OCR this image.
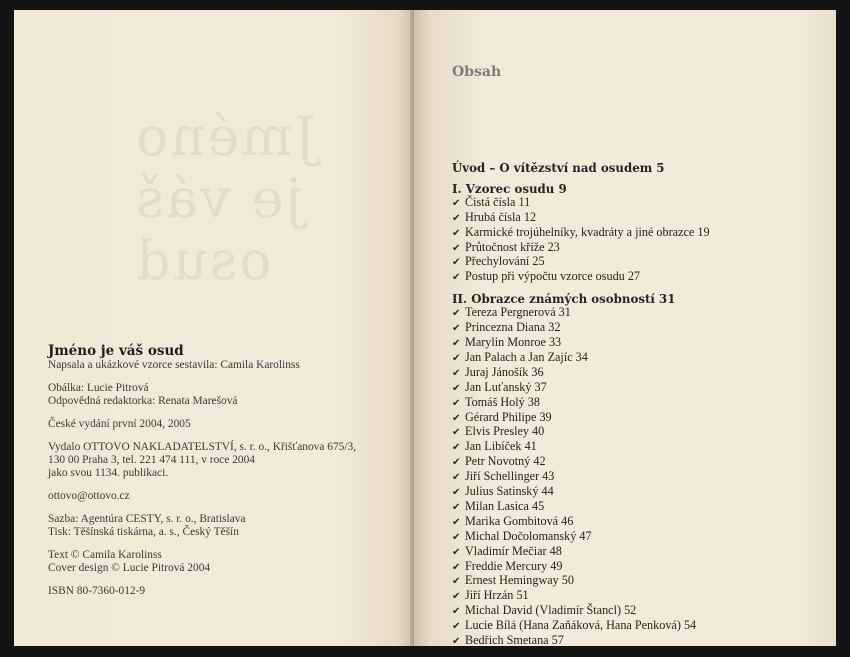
Jméno je váš osud
Jméno je váš osud
Napsala a ukázkové vzorce sestavila: Camila Karolinss
Obálka: Lucie Pitrová
Odpovědná redaktorka: Renata Marešová
České vydání první 2004, 2005
Vydalo OTTOVO NAKLADATELSTVÍ, s. r. o., Křišťanova 675/3,
130 00 Praha 3, tel. 221 474 111, v roce 2004
jako svou 1134. publikaci.
ottovo@ottovo.cz
Sazba: Agentúra CESTY, s. r. o., Bratislava
Tisk: Těšínská tiskárna, a. s., Český Těšín
Text © Camila Karolinss
Cover design © Lucie Pitrová 2004
ISBN 80-7360-012-9
Obsah
Úvod – O vítězství nad osudem 5
I. Vzorec osudu 9
✔ Čistá čísla 11
✔ Hrubá čísla 12
✔ Karmické trojúhelníky, kvadráty a jiné obrazce 19
✔ Průtočnost kříže 23
✔ Přechylování 25
✔ Postup při výpočtu vzorce osudu 27
II. Obrazce známých osobností 31
✔ Tereza Pergnerová 31
✔ Princezna Diana 32
✔ Marylin Monroe 33
✔ Jan Palach a Jan Zajíc 34
✔ Juraj Jánošík 36
✔ Jan Luťanský 37
✔ Tomáš Holý 38
✔ Gérard Philipe 39
✔ Elvis Presley 40
✔ Jan Libíček 41
✔ Petr Novotný 42
✔ Jiří Schellinger 43
✔ Julius Satinský 44
✔ Milan Lasica 45
✔ Marika Gombitová 46
✔ Michal Dočolomanský 47
✔ Vladimír Mečiar 48
✔ Freddie Mercury 49
✔ Ernest Hemingway 50
✔ Jiří Hrzán 51
✔ Michal David (Vladimír Štancl) 52
✔ Lucie Bílá (Hana Zaňáková, Hana Penková) 54
✔ Bedřich Smetana 57
